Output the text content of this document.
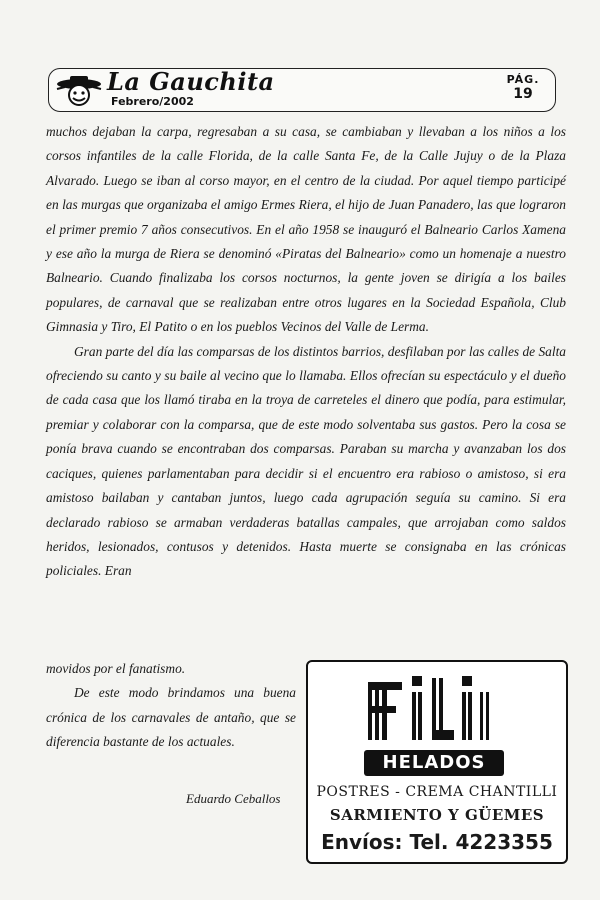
La Gauchita
Febrero/2002
PÁG.
19

muchos dejaban la carpa, regresaban a su casa, se cambiaban y llevaban a los niños a los corsos infantiles de la calle Florida, de la calle Santa Fe, de la Calle Jujuy o de la Plaza Alvarado. Luego se iban al corso mayor, en el centro de la ciudad. Por aquel tiempo participé en las murgas que organizaba el amigo Ermes Riera, el hijo de Juan Panadero, las que lograron el primer premio 7 años consecutivos. En el año 1958 se inauguró el Balneario Carlos Xamena y ese año la murga de Riera se denominó «Piratas del Balneario» como un homenaje a nuestro Balneario. Cuando finalizaba los corsos nocturnos, la gente joven se dirigía a los bailes populares, de carnaval que se realizaban entre otros lugares en la Sociedad Española, Club Gimnasia y Tiro, El Patito o en los pueblos Vecinos del Valle de Lerma.

Gran parte del día las comparsas de los distintos barrios, desfilaban por las calles de Salta ofreciendo su canto y su baile al vecino que lo llamaba. Ellos ofrecían su espectáculo y el dueño de cada casa que los llamó tiraba en la troya de carreteles el dinero que podía, para estimular, premiar y colaborar con la comparsa, que de este modo solventaba sus gastos. Pero la cosa se ponía brava cuando se encontraban dos comparsas. Paraban su marcha y avanzaban los dos caciques, quienes parlamentaban para decidir si el encuentro era rabioso o amistoso, si era amistoso bailaban y cantaban juntos, luego cada agrupación seguía su camino. Si era declarado rabioso se armaban verdaderas batallas campales, que arrojaban como saldos heridos, lesionados, contusos y detenidos. Hasta muerte se consignaba en las crónicas policiales. Eran

movidos por el fanatismo.

De este modo brindamos una buena crónica de los carnavales de antaño, que se diferencia bastante de los actuales.

Eduardo Ceballos
HELADOS
POSTRES - CREMA CHANTILLI
SARMIENTO Y GÜEMES
Envíos: Tel. 4223355
